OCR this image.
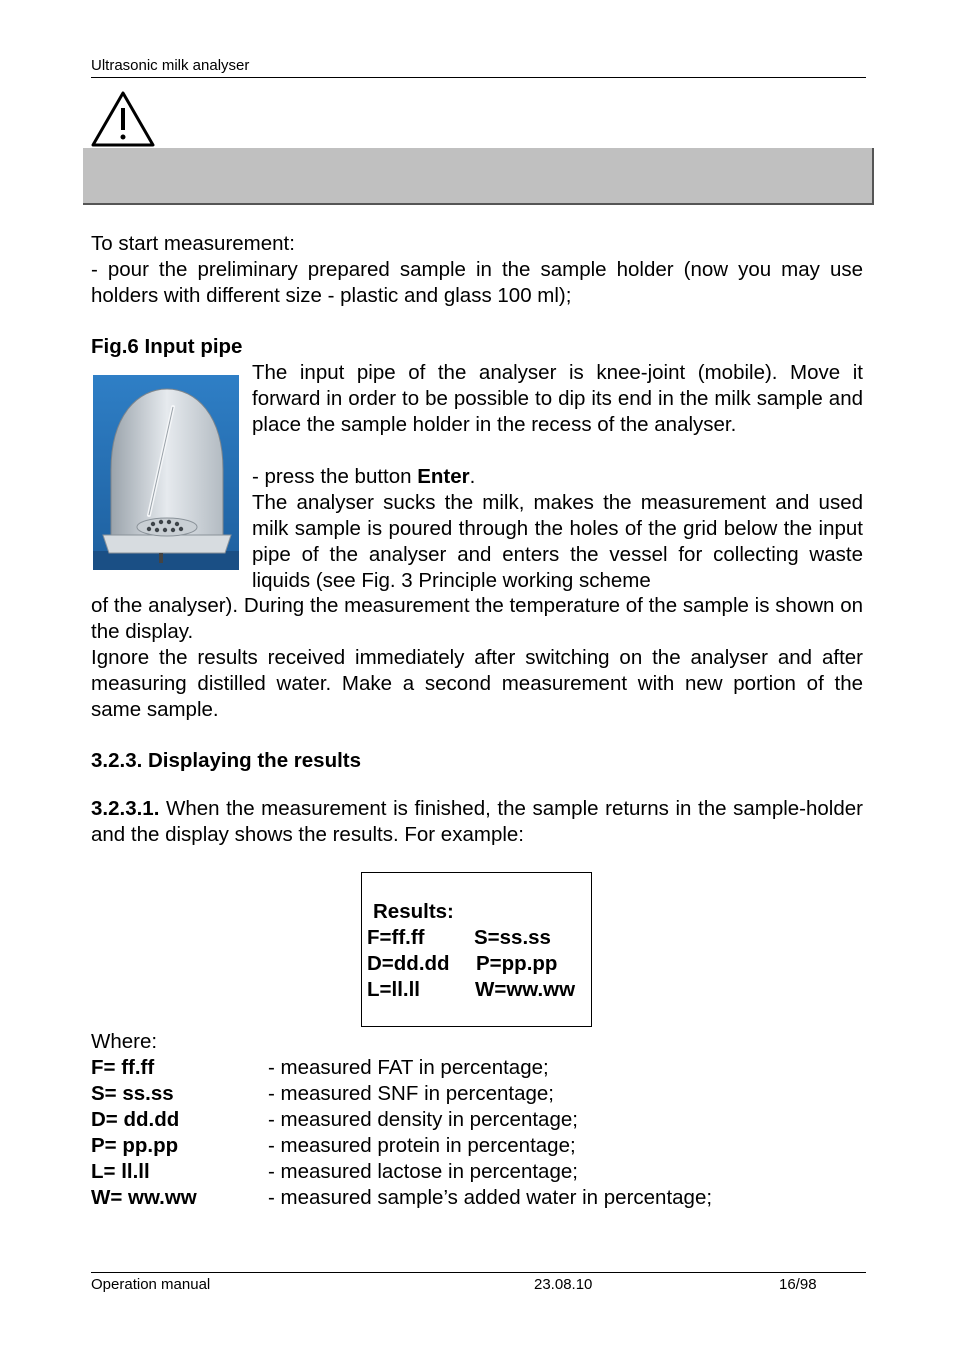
Ultrasonic milk analyser
To start measurement:
- pour the preliminary prepared sample in the sample holder (now you may use holders with different size - plastic and glass 100 ml);
Fig.6 Input pipe
The input pipe of the analyser is knee-joint (mobile). Move it forward in order to be possible to dip its end in the milk sample and place the sample holder in the recess of the analyser.
- press the button Enter.
The analyser sucks the milk, makes the measurement and used milk sample is poured through the holes of the grid below the input pipe of the analyser and enters the vessel for collecting waste liquids (see Fig. 3 Principle working scheme
of the analyser). During the measurement the temperature of the sample is shown on the display.
Ignore the results received immediately after switching on the analyser and after measuring distilled water. Make a second measurement with new portion of the same sample.
3.2.3. Displaying the results
3.2.3.1. When the measurement is finished, the sample returns in the sample-holder and the display shows the results. For example:
Results:
F=ff.ff S=ss.ss
D=dd.dd P=pp.pp
L=ll.ll	W=ww.ww
Where:
F= ff.ff	- measured FAT in percentage;
S= ss.ss	- measured SNF in percentage;
D= dd.dd	- measured density in percentage;
P= pp.pp	- measured protein in percentage;
L= ll.ll	- measured lactose in percentage;
W= ww.ww	- measured sample’s added water in percentage;
Operation manual	23.08.10	16/98
